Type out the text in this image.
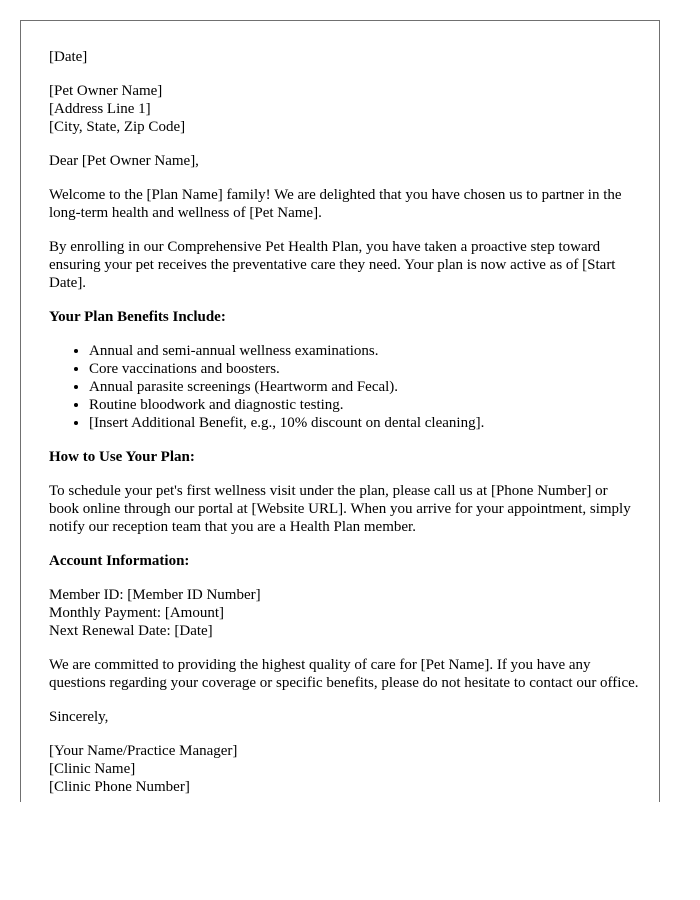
[Date]

[Pet Owner Name]
[Address Line 1]
[City, State, Zip Code]

Dear [Pet Owner Name],

Welcome to the [Plan Name] family! We are delighted that you have chosen us to partner in the long-term health and wellness of [Pet Name].

By enrolling in our Comprehensive Pet Health Plan, you have taken a proactive step toward ensuring your pet receives the preventative care they need. Your plan is now active as of [Start Date].

Your Plan Benefits Include:

• Annual and semi-annual wellness examinations.
• Core vaccinations and boosters.
• Annual parasite screenings (Heartworm and Fecal).
• Routine bloodwork and diagnostic testing.
• [Insert Additional Benefit, e.g., 10% discount on dental cleaning].

How to Use Your Plan:

To schedule your pet's first wellness visit under the plan, please call us at [Phone Number] or book online through our portal at [Website URL]. When you arrive for your appointment, simply notify our reception team that you are a Health Plan member.

Account Information:

Member ID: [Member ID Number]
Monthly Payment: [Amount]
Next Renewal Date: [Date]

We are committed to providing the highest quality of care for [Pet Name]. If you have any questions regarding your coverage or specific benefits, please do not hesitate to contact our office.

Sincerely,

[Your Name/Practice Manager]
[Clinic Name]
[Clinic Phone Number]
